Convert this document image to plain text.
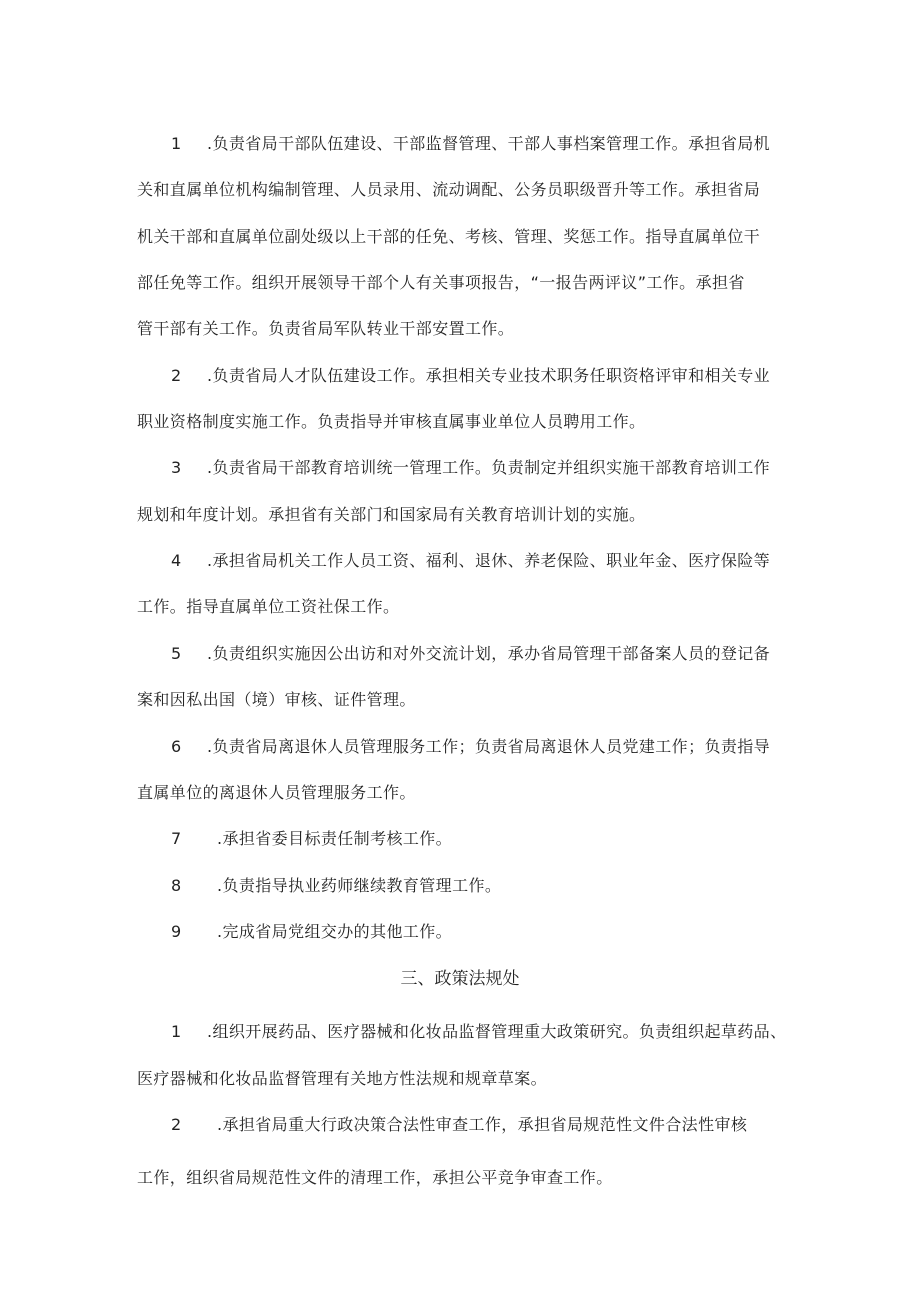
1 .负责省局干部队伍建设、干部监督管理、干部人事档案管理工作。承担省局机
关和直属单位机构编制管理、人员录用、流动调配、公务员职级晋升等工作。承担省局
机关干部和直属单位副处级以上干部的任免、考核、管理、奖惩工作。指导直属单位干
部任免等工作。组织开展领导干部个人有关事项报告，“一报告两评议”工作。承担省
管干部有关工作。负责省局军队转业干部安置工作。
2 .负责省局人才队伍建设工作。承担相关专业技术职务任职资格评审和相关专业
职业资格制度实施工作。负责指导并审核直属事业单位人员聘用工作。
3 .负责省局干部教育培训统一管理工作。负责制定并组织实施干部教育培训工作
规划和年度计划。承担省有关部门和国家局有关教育培训计划的实施。
4 .承担省局机关工作人员工资、福利、退休、养老保险、职业年金、医疗保险等
工作。指导直属单位工资社保工作。
5 .负责组织实施因公出访和对外交流计划，承办省局管理干部备案人员的登记备
案和因私出国（境）审核、证件管理。
6 .负责省局离退休人员管理服务工作；负责省局离退休人员党建工作；负责指导
直属单位的离退休人员管理服务工作。
7 .承担省委目标责任制考核工作。
8 .负责指导执业药师继续教育管理工作。
9 .完成省局党组交办的其他工作。
三、政策法规处
1 .组织开展药品、医疗器械和化妆品监督管理重大政策研究。负责组织起草药品、
医疗器械和化妆品监督管理有关地方性法规和规章草案。
2 .承担省局重大行政决策合法性审查工作，承担省局规范性文件合法性审核
工作，组织省局规范性文件的清理工作，承担公平竞争审查工作。
